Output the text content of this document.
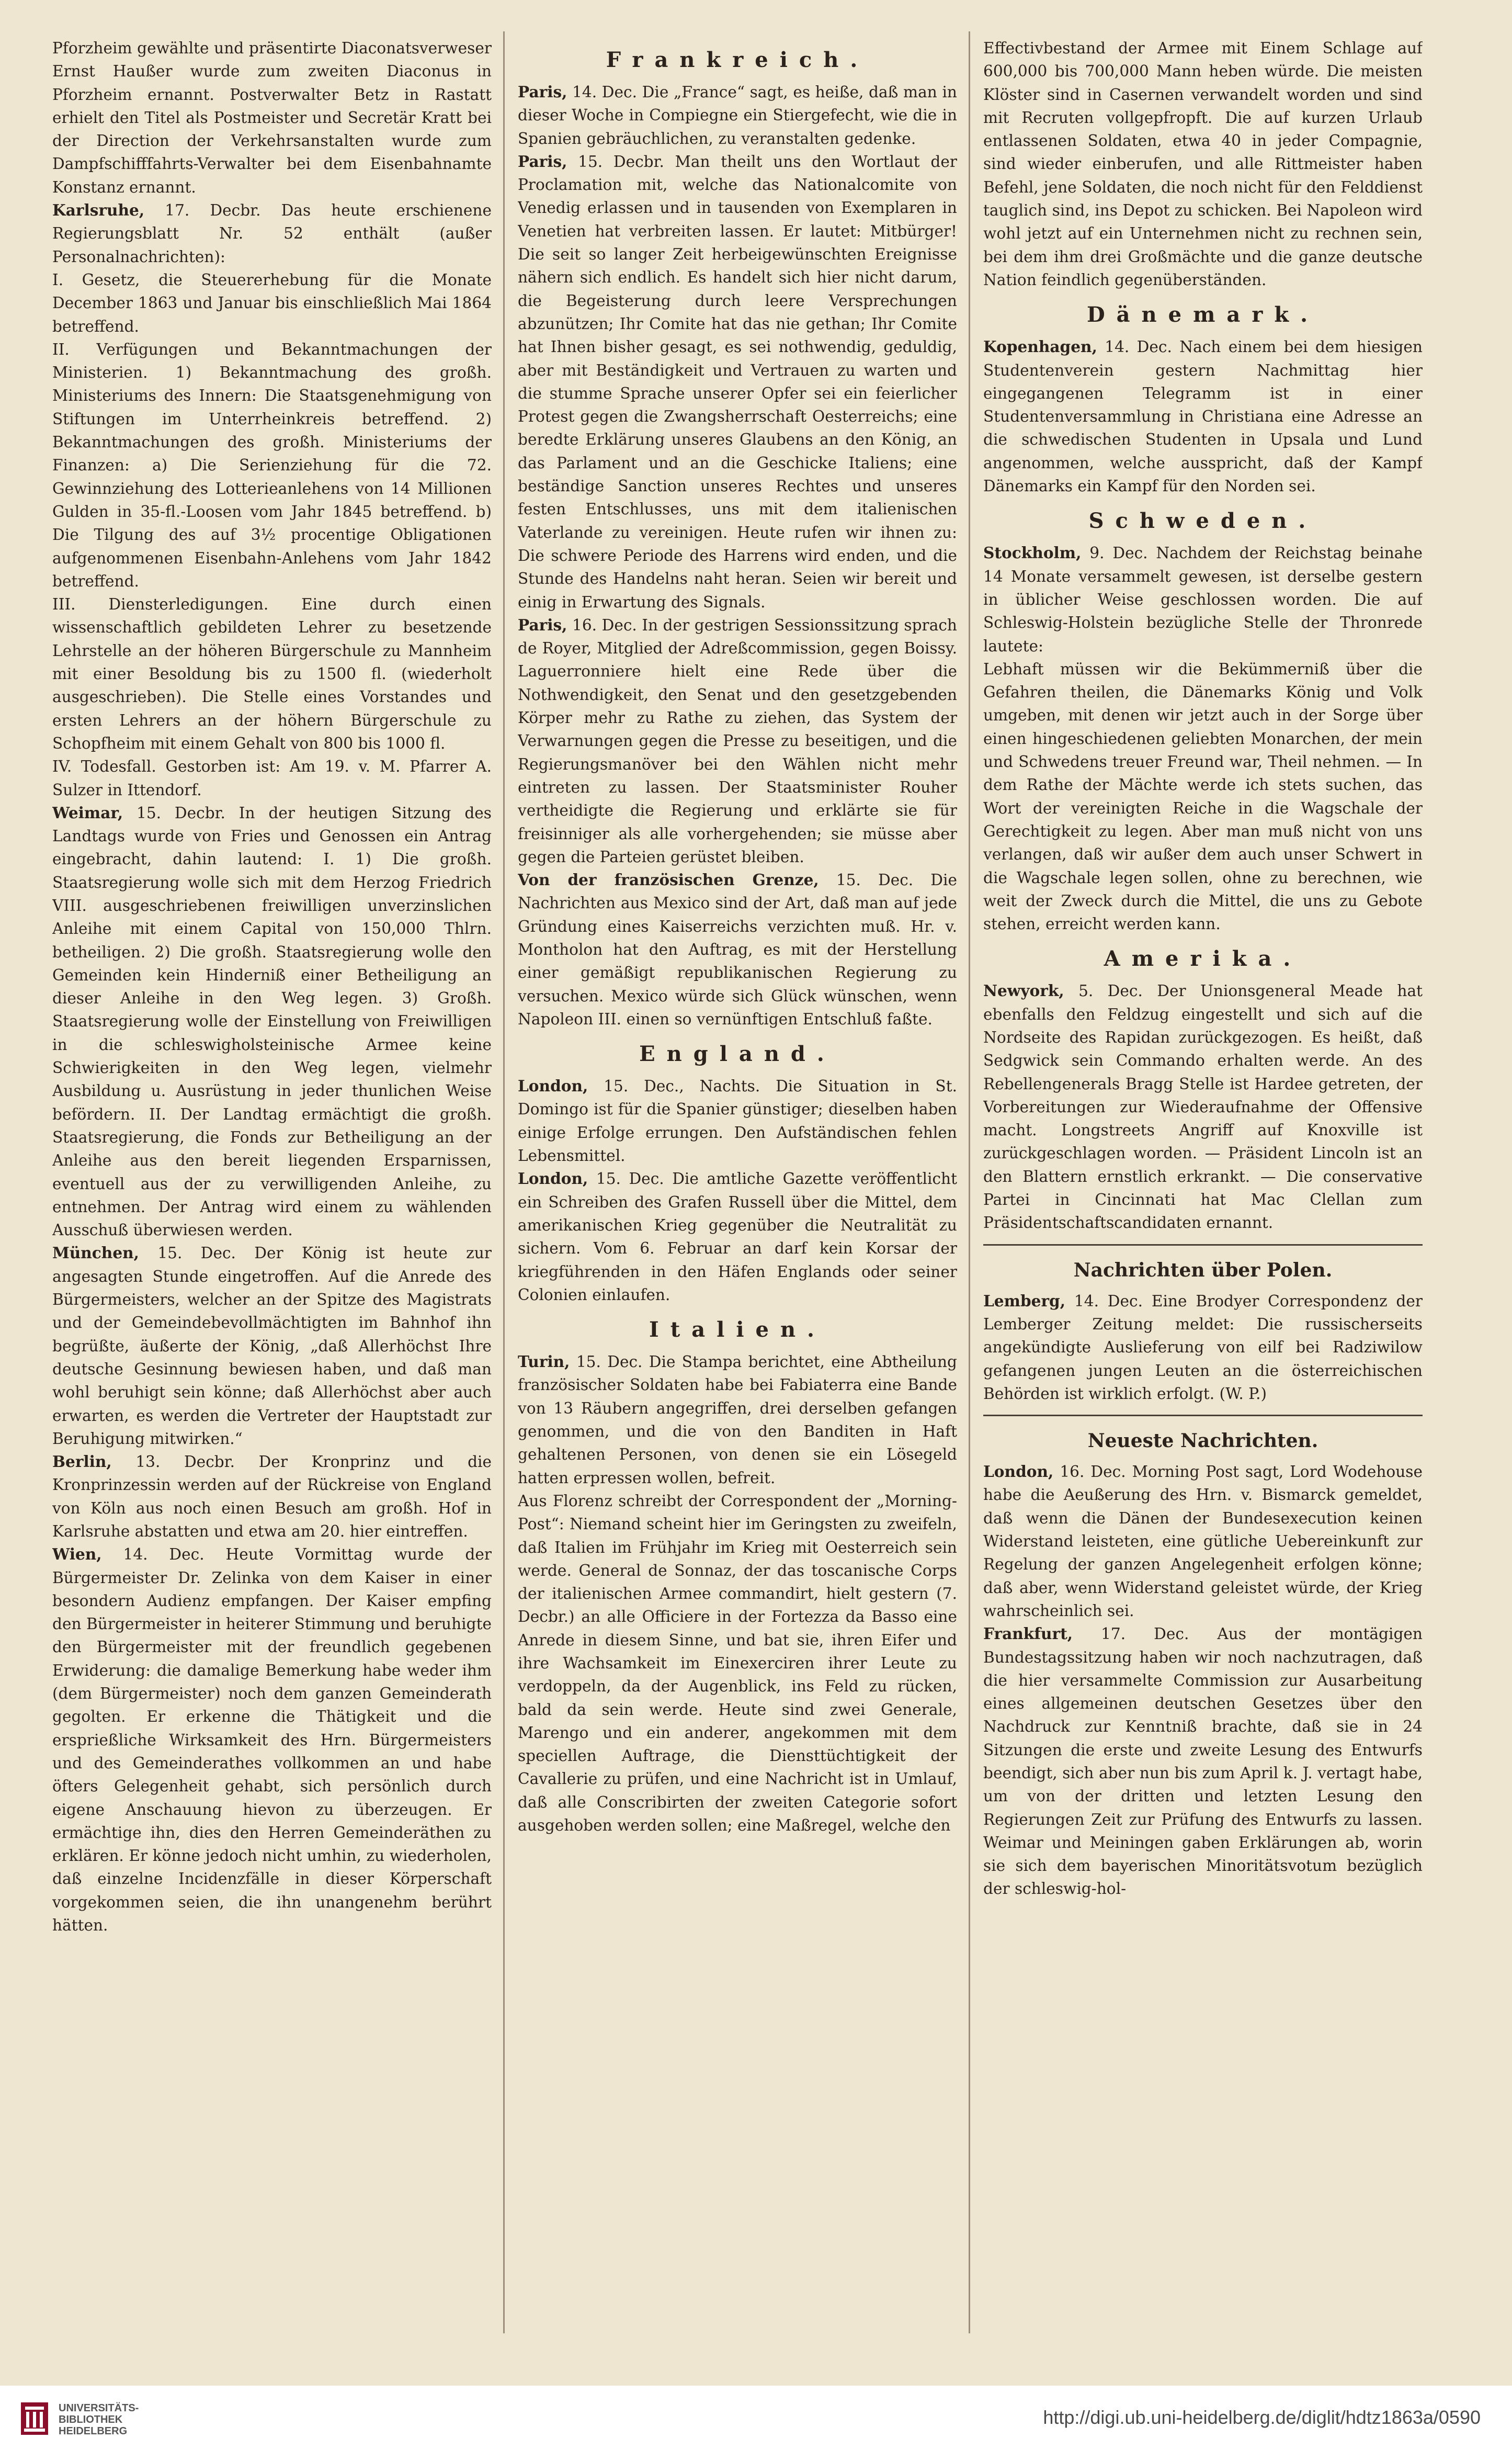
Pforzheim gewählte und präsentirte Diaconatsverweser Ernst Haußer wurde zum zweiten Diaconus in Pforzheim ernannt. Postverwalter Betz in Rastatt erhielt den Titel als Postmeister und Secretär Kratt bei der Direction der Verkehrsanstalten wurde zum Dampfschifffahrts-Verwalter bei dem Eisenbahnamte Konstanz ernannt.

Karlsruhe, 17. Decbr. Das heute erschienene Regierungsblatt Nr. 52 enthält (außer Personalnachrichten):

I. Gesetz, die Steuererhebung für die Monate December 1863 und Januar bis einschließlich Mai 1864 betreffend.

II. Verfügungen und Bekanntmachungen der Ministerien. 1) Bekanntmachung des großh. Ministeriums des Innern: Die Staatsgenehmigung von Stiftungen im Unterrheinkreis betreffend. 2) Bekanntmachungen des großh. Ministeriums der Finanzen: a) Die Serienziehung für die 72. Gewinnziehung des Lotterieanlehens von 14 Millionen Gulden in 35-fl.-Loosen vom Jahr 1845 betreffend. b) Die Tilgung des auf 3½ procentige Obligationen aufgenommenen Eisenbahn-Anlehens vom Jahr 1842 betreffend.

III. Diensterledigungen. Eine durch einen wissenschaftlich gebildeten Lehrer zu besetzende Lehrstelle an der höheren Bürgerschule zu Mannheim mit einer Besoldung bis zu 1500 fl. (wiederholt ausgeschrieben). Die Stelle eines Vorstandes und ersten Lehrers an der höhern Bürgerschule zu Schopfheim mit einem Gehalt von 800 bis 1000 fl.

IV. Todesfall. Gestorben ist: Am 19. v. M. Pfarrer A. Sulzer in Ittendorf.

Weimar, 15. Decbr. In der heutigen Sitzung des Landtags wurde von Fries und Genossen ein Antrag eingebracht, dahin lautend: I. 1) Die großh. Staatsregierung wolle sich mit dem Herzog Friedrich VIII. ausgeschriebenen freiwilligen unverzinslichen Anleihe mit einem Capital von 150,000 Thlrn. betheiligen. 2) Die großh. Staatsregierung wolle den Gemeinden kein Hinderniß einer Betheiligung an dieser Anleihe in den Weg legen. 3) Großh. Staatsregierung wolle der Einstellung von Freiwilligen in die schleswigholsteinische Armee keine Schwierigkeiten in den Weg legen, vielmehr Ausbildung u. Ausrüstung in jeder thunlichen Weise befördern. II. Der Landtag ermächtigt die großh. Staatsregierung, die Fonds zur Betheiligung an der Anleihe aus den bereit liegenden Ersparnissen, eventuell aus der zu verwilligenden Anleihe, zu entnehmen. Der Antrag wird einem zu wählenden Ausschuß überwiesen werden.

München, 15. Dec. Der König ist heute zur angesagten Stunde eingetroffen. Auf die Anrede des Bürgermeisters, welcher an der Spitze des Magistrats und der Gemeindebevollmächtigten im Bahnhof ihn begrüßte, äußerte der König, „daß Allerhöchst Ihre deutsche Gesinnung bewiesen haben, und daß man wohl beruhigt sein könne; daß Allerhöchst aber auch erwarten, es werden die Vertreter der Hauptstadt zur Beruhigung mitwirken.“

Berlin, 13. Decbr. Der Kronprinz und die Kronprinzessin werden auf der Rückreise von England von Köln aus noch einen Besuch am großh. Hof in Karlsruhe abstatten und etwa am 20. hier eintreffen.

Wien, 14. Dec. Heute Vormittag wurde der Bürgermeister Dr. Zelinka von dem Kaiser in einer besondern Audienz empfangen. Der Kaiser empfing den Bürgermeister in heiterer Stimmung und beruhigte den Bürgermeister mit der freundlich gegebenen Erwiderung: die damalige Bemerkung habe weder ihm (dem Bürgermeister) noch dem ganzen Gemeinderath gegolten. Er erkenne die Thätigkeit und die ersprießliche Wirksamkeit des Hrn. Bürgermeisters und des Gemeinderathes vollkommen an und habe öfters Gelegenheit gehabt, sich persönlich durch eigene Anschauung hievon zu überzeugen. Er ermächtige ihn, dies den Herren Gemeinderäthen zu erklären. Er könne jedoch nicht umhin, zu wiederholen, daß einzelne Incidenzfälle in dieser Körperschaft vorgekommen seien, die ihn unangenehm berührt hätten.

Frankreich.

Paris, 14. Dec. Die „France“ sagt, es heiße, daß man in dieser Woche in Compiegne ein Stiergefecht, wie die in Spanien gebräuchlichen, zu veranstalten gedenke.

Paris, 15. Decbr. Man theilt uns den Wortlaut der Proclamation mit, welche das Nationalcomite von Venedig erlassen und in tausenden von Exemplaren in Venetien hat verbreiten lassen. Er lautet: Mitbürger! Die seit so langer Zeit herbeigewünschten Ereignisse nähern sich endlich. Es handelt sich hier nicht darum, die Begeisterung durch leere Versprechungen abzunützen; Ihr Comite hat das nie gethan; Ihr Comite hat Ihnen bisher gesagt, es sei nothwendig, geduldig, aber mit Beständigkeit und Vertrauen zu warten und die stumme Sprache unserer Opfer sei ein feierlicher Protest gegen die Zwangsherrschaft Oesterreichs; eine beredte Erklärung unseres Glaubens an den König, an das Parlament und an die Geschicke Italiens; eine beständige Sanction unseres Rechtes und unseres festen Entschlusses, uns mit dem italienischen Vaterlande zu vereinigen. Heute rufen wir ihnen zu: Die schwere Periode des Harrens wird enden, und die Stunde des Handelns naht heran. Seien wir bereit und einig in Erwartung des Signals.

Paris, 16. Dec. In der gestrigen Sessionssitzung sprach de Royer, Mitglied der Adreßcommission, gegen Boissy. Laguerronniere hielt eine Rede über die Nothwendigkeit, den Senat und den gesetzgebenden Körper mehr zu Rathe zu ziehen, das System der Verwarnungen gegen die Presse zu beseitigen, und die Regierungsmanöver bei den Wählen nicht mehr eintreten zu lassen. Der Staatsminister Rouher vertheidigte die Regierung und erklärte sie für freisinniger als alle vorhergehenden; sie müsse aber gegen die Parteien gerüstet bleiben.

Von der französischen Grenze, 15. Dec. Die Nachrichten aus Mexico sind der Art, daß man auf jede Gründung eines Kaiserreichs verzichten muß. Hr. v. Montholon hat den Auftrag, es mit der Herstellung einer gemäßigt republikanischen Regierung zu versuchen. Mexico würde sich Glück wünschen, wenn Napoleon III. einen so vernünftigen Entschluß faßte.

England.

London, 15. Dec., Nachts. Die Situation in St. Domingo ist für die Spanier günstiger; dieselben haben einige Erfolge errungen. Den Aufständischen fehlen Lebensmittel.

London, 15. Dec. Die amtliche Gazette veröffentlicht ein Schreiben des Grafen Russell über die Mittel, dem amerikanischen Krieg gegenüber die Neutralität zu sichern. Vom 6. Februar an darf kein Korsar der kriegführenden in den Häfen Englands oder seiner Colonien einlaufen.

Italien.

Turin, 15. Dec. Die Stampa berichtet, eine Abtheilung französischer Soldaten habe bei Fabiaterra eine Bande von 13 Räubern angegriffen, drei derselben gefangen genommen, und die von den Banditen in Haft gehaltenen Personen, von denen sie ein Lösegeld hatten erpressen wollen, befreit.

Aus Florenz schreibt der Correspondent der „Morning-Post“: Niemand scheint hier im Geringsten zu zweifeln, daß Italien im Frühjahr im Krieg mit Oesterreich sein werde. General de Sonnaz, der das toscanische Corps der italienischen Armee commandirt, hielt gestern (7. Decbr.) an alle Officiere in der Fortezza da Basso eine Anrede in diesem Sinne, und bat sie, ihren Eifer und ihre Wachsamkeit im Einexerciren ihrer Leute zu verdoppeln, da der Augenblick, ins Feld zu rücken, bald da sein werde. Heute sind zwei Generale, Marengo und ein anderer, angekommen mit dem speciellen Auftrage, die Diensttüchtigkeit der Cavallerie zu prüfen, und eine Nachricht ist in Umlauf, daß alle Conscribirten der zweiten Categorie sofort ausgehoben werden sollen; eine Maßregel, welche den

Effectivbestand der Armee mit Einem Schlage auf 600,000 bis 700,000 Mann heben würde. Die meisten Klöster sind in Casernen verwandelt worden und sind mit Recruten vollgepfropft. Die auf kurzen Urlaub entlassenen Soldaten, etwa 40 in jeder Compagnie, sind wieder einberufen, und alle Rittmeister haben Befehl, jene Soldaten, die noch nicht für den Felddienst tauglich sind, ins Depot zu schicken. Bei Napoleon wird wohl jetzt auf ein Unternehmen nicht zu rechnen sein, bei dem ihm drei Großmächte und die ganze deutsche Nation feindlich gegenüberständen.

Dänemark.

Kopenhagen, 14. Dec. Nach einem bei dem hiesigen Studentenverein gestern Nachmittag hier eingegangenen Telegramm ist in einer Studentenversammlung in Christiana eine Adresse an die schwedischen Studenten in Upsala und Lund angenommen, welche ausspricht, daß der Kampf Dänemarks ein Kampf für den Norden sei.

Schweden.

Stockholm, 9. Dec. Nachdem der Reichstag beinahe 14 Monate versammelt gewesen, ist derselbe gestern in üblicher Weise geschlossen worden. Die auf Schleswig-Holstein bezügliche Stelle der Thronrede lautete:

Lebhaft müssen wir die Bekümmerniß über die Gefahren theilen, die Dänemarks König und Volk umgeben, mit denen wir jetzt auch in der Sorge über einen hingeschiedenen geliebten Monarchen, der mein und Schwedens treuer Freund war, Theil nehmen. — In dem Rathe der Mächte werde ich stets suchen, das Wort der vereinigten Reiche in die Wagschale der Gerechtigkeit zu legen. Aber man muß nicht von uns verlangen, daß wir außer dem auch unser Schwert in die Wagschale legen sollen, ohne zu berechnen, wie weit der Zweck durch die Mittel, die uns zu Gebote stehen, erreicht werden kann.

Amerika.

Newyork, 5. Dec. Der Unionsgeneral Meade hat ebenfalls den Feldzug eingestellt und sich auf die Nordseite des Rapidan zurückgezogen. Es heißt, daß Sedgwick sein Commando erhalten werde. An des Rebellengenerals Bragg Stelle ist Hardee getreten, der Vorbereitungen zur Wiederaufnahme der Offensive macht. Longstreets Angriff auf Knoxville ist zurückgeschlagen worden. — Präsident Lincoln ist an den Blattern ernstlich erkrankt. — Die conservative Partei in Cincinnati hat Mac Clellan zum Präsidentschaftscandidaten ernannt.

Nachrichten über Polen.

Lemberg, 14. Dec. Eine Brodyer Correspondenz der Lemberger Zeitung meldet: Die russischerseits angekündigte Auslieferung von eilf bei Radziwilow gefangenen jungen Leuten an die österreichischen Behörden ist wirklich erfolgt. (W. P.)

Neueste Nachrichten.

London, 16. Dec. Morning Post sagt, Lord Wodehouse habe die Aeußerung des Hrn. v. Bismarck gemeldet, daß wenn die Dänen der Bundesexecution keinen Widerstand leisteten, eine gütliche Uebereinkunft zur Regelung der ganzen Angelegenheit erfolgen könne; daß aber, wenn Widerstand geleistet würde, der Krieg wahrscheinlich sei.

Frankfurt, 17. Dec. Aus der montägigen Bundestagssitzung haben wir noch nachzutragen, daß die hier versammelte Commission zur Ausarbeitung eines allgemeinen deutschen Gesetzes über den Nachdruck zur Kenntniß brachte, daß sie in 24 Sitzungen die erste und zweite Lesung des Entwurfs beendigt, sich aber nun bis zum April k. J. vertagt habe, um von der dritten und letzten Lesung den Regierungen Zeit zur Prüfung des Entwurfs zu lassen. Weimar und Meiningen gaben Erklärungen ab, worin sie sich dem bayerischen Minoritätsvotum bezüglich der schleswig-hol-

UNIVERSITÄTS-
BIBLIOTHEK
HEIDELBERG
http://digi.ub.uni-heidelberg.de/diglit/hdtz1863a/0590
